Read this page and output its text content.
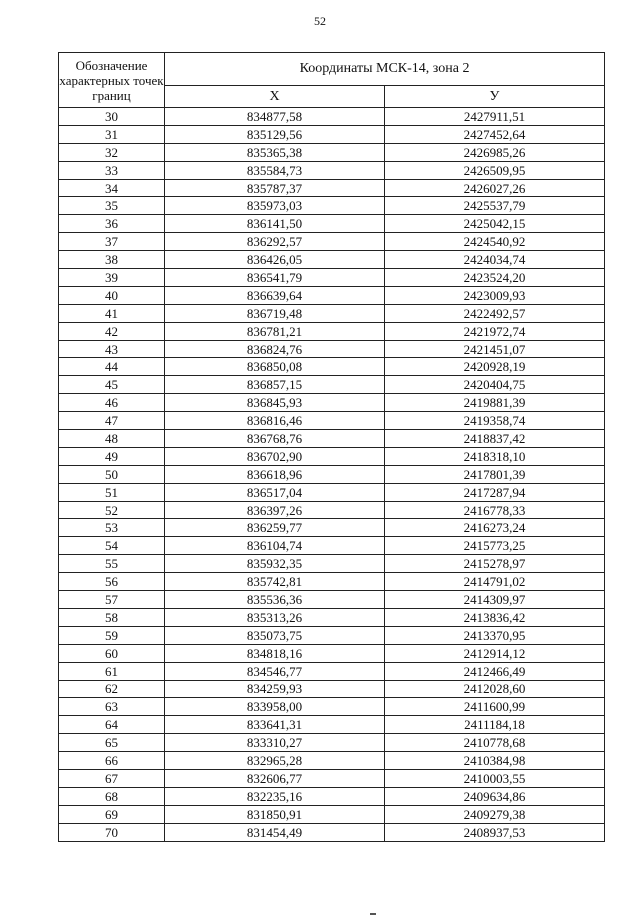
52
Обозначение характерных точек границ	Координаты МСК-14, зона 2	
	X	У
30	834877,58	2427911,51
31	835129,56	2427452,64
32	835365,38	2426985,26
33	835584,73	2426509,95
34	835787,37	2426027,26
35	835973,03	2425537,79
36	836141,50	2425042,15
37	836292,57	2424540,92
38	836426,05	2424034,74
39	836541,79	2423524,20
40	836639,64	2423009,93
41	836719,48	2422492,57
42	836781,21	2421972,74
43	836824,76	2421451,07
44	836850,08	2420928,19
45	836857,15	2420404,75
46	836845,93	2419881,39
47	836816,46	2419358,74
48	836768,76	2418837,42
49	836702,90	2418318,10
50	836618,96	2417801,39
51	836517,04	2417287,94
52	836397,26	2416778,33
53	836259,77	2416273,24
54	836104,74	2415773,25
55	835932,35	2415278,97
56	835742,81	2414791,02
57	835536,36	2414309,97
58	835313,26	2413836,42
59	835073,75	2413370,95
60	834818,16	2412914,12
61	834546,77	2412466,49
62	834259,93	2412028,60
63	833958,00	2411600,99
64	833641,31	2411184,18
65	833310,27	2410778,68
66	832965,28	2410384,98
67	832606,77	2410003,55
68	832235,16	2409634,86
69	831850,91	2409279,38
70	831454,49	2408937,53
